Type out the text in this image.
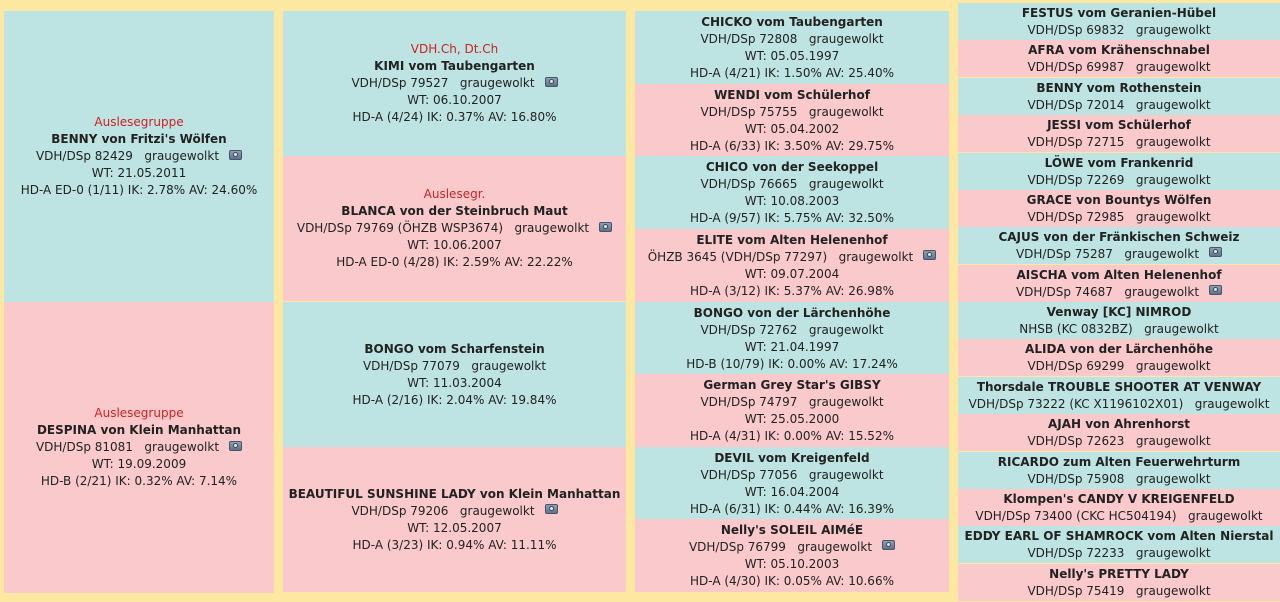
Auslesegruppe
BENNY von Fritzi's Wölfen
VDH/DSp 82429 graugewolkt
WT: 21.05.2011
HD-A ED-0 (1/11) IK: 2.78% AV: 24.60%
Auslesegruppe
DESPINA von Klein Manhattan
VDH/DSp 81081 graugewolkt
WT: 19.09.2009
HD-B (2/21) IK: 0.32% AV: 7.14%
VDH.Ch, Dt.Ch
KIMI vom Taubengarten
VDH/DSp 79527 graugewolkt
WT: 06.10.2007
HD-A (4/24) IK: 0.37% AV: 16.80%
Auslesegr.
BLANCA von der Steinbruch Maut
VDH/DSp 79769 (ÖHZB WSP3674) graugewolkt
WT: 10.06.2007
HD-A ED-0 (4/28) IK: 2.59% AV: 22.22%
BONGO vom Scharfenstein
VDH/DSp 77079 graugewolkt
WT: 11.03.2004
HD-A (2/16) IK: 2.04% AV: 19.84%
BEAUTIFUL SUNSHINE LADY von Klein Manhattan
VDH/DSp 79206 graugewolkt
WT: 12.05.2007
HD-A (3/23) IK: 0.94% AV: 11.11%
CHICKO vom Taubengarten
VDH/DSp 72808 graugewolkt
WT: 05.05.1997
HD-A (4/21) IK: 1.50% AV: 25.40%
WENDI vom Schülerhof
VDH/DSp 75755 graugewolkt
WT: 05.04.2002
HD-A (6/33) IK: 3.50% AV: 29.75%
CHICO von der Seekoppel
VDH/DSp 76665 graugewolkt
WT: 10.08.2003
HD-A (9/57) IK: 5.75% AV: 32.50%
ELITE vom Alten Helenenhof
ÖHZB 3645 (VDH/DSp 77297) graugewolkt
WT: 09.07.2004
HD-A (3/12) IK: 5.37% AV: 26.98%
BONGO von der Lärchenhöhe
VDH/DSp 72762 graugewolkt
WT: 21.04.1997
HD-B (10/79) IK: 0.00% AV: 17.24%
German Grey Star's GIBSY
VDH/DSp 74797 graugewolkt
WT: 25.05.2000
HD-A (4/31) IK: 0.00% AV: 15.52%
DEVIL vom Kreigenfeld
VDH/DSp 77056 graugewolkt
WT: 16.04.2004
HD-A (6/31) IK: 0.44% AV: 16.39%
Nelly's SOLEIL AIMéE
VDH/DSp 76799 graugewolkt
WT: 05.10.2003
HD-A (4/30) IK: 0.05% AV: 10.66%
FESTUS vom Geranien-Hübel
VDH/DSp 69832 graugewolkt
AFRA vom Krähenschnabel
VDH/DSp 69987 graugewolkt
BENNY vom Rothenstein
VDH/DSp 72014 graugewolkt
JESSI vom Schülerhof
VDH/DSp 72715 graugewolkt
LÖWE vom Frankenrid
VDH/DSp 72269 graugewolkt
GRACE von Bountys Wölfen
VDH/DSp 72985 graugewolkt
CAJUS von der Fränkischen Schweiz
VDH/DSp 75287 graugewolkt
AISCHA vom Alten Helenenhof
VDH/DSp 74687 graugewolkt
Venway [KC] NIMROD
NHSB (KC 0832BZ) graugewolkt
ALIDA von der Lärchenhöhe
VDH/DSp 69299 graugewolkt
Thorsdale TROUBLE SHOOTER AT VENWAY
VDH/DSp 73222 (KC X1196102X01) graugewolkt
AJAH von Ahrenhorst
VDH/DSp 72623 graugewolkt
RICARDO zum Alten Feuerwehrturm
VDH/DSp 75908 graugewolkt
Klompen's CANDY V KREIGENFELD
VDH/DSp 73400 (CKC HC504194) graugewolkt
EDDY EARL OF SHAMROCK vom Alten Nierstal
VDH/DSp 72233 graugewolkt
Nelly's PRETTY LADY
VDH/DSp 75419 graugewolkt
